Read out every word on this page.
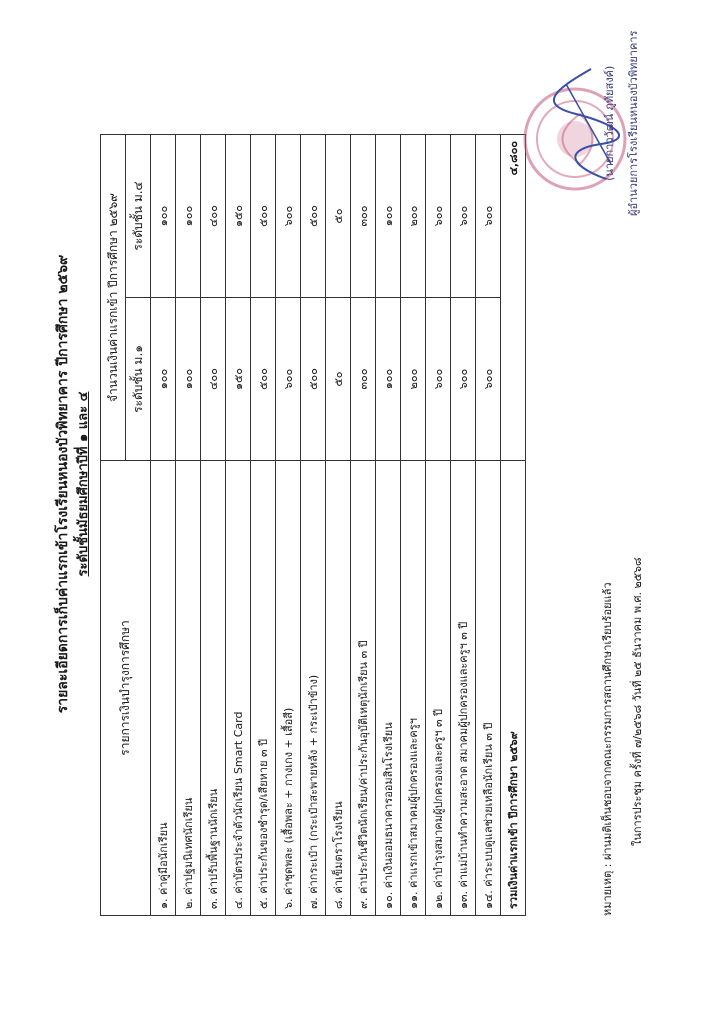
รายละเอียดการเก็บค่าแรกเข้าโรงเรียนหนองบัวพิทยาคาร ปีการศึกษา ๒๕๖๙ ระดับชั้นมัธยมศึกษาปีที่ ๑ และ ๔
รายการเงินบำรุงการศึกษา	จำนวนเงินค่าแรกเข้า ปีการศึกษา ๒๕๖๙	
	ระดับชั้น ม.๑	ระดับชั้น ม.๔
๑. ค่าคู่มือนักเรียน	๑๐๐	๑๐๐
๒. ค่าปฐมนิเทศนักเรียน	๑๐๐	๑๐๐
๓. ค่าปรับพื้นฐานนักเรียน	๔๐๐	๔๐๐
๔. ค่าบัตรประจำตัวนักเรียน Smart Card	๑๕๐	๑๕๐
๕. ค่าประกันของชำรุด/เสียหาย ๓ ปี	๕๐๐	๕๐๐
๖. ค่าชุดพละ (เสื้อพละ + กางเกง + เสื้อสี)	๖๐๐	๖๐๐
๗. ค่ากระเป๋า (กระเป๋าสะพายหลัง + กระเป๋าข้าง)	๕๐๐	๕๐๐
๘. ค่าเข็มตราโรงเรียน	๕๐	๕๐
๙. ค่าประกันชีวิตนักเรียน/ค่าประกันอุบัติเหตุนักเรียน ๓ ปี	๓๐๐	๓๐๐
๑๐. ค่าเงินออมธนาคารออมสินโรงเรียน	๑๐๐	๑๐๐
๑๑. ค่าแรกเข้าสมาคมผู้ปกครองและครูฯ	๒๐๐	๒๐๐
๑๒. ค่าบำรุงสมาคมผู้ปกครองและครูฯ ๓ ปี	๖๐๐	๖๐๐
๑๓. ค่าแม่บ้านทำความสะอาด สมาคมผู้ปกครองและครูฯ ๓ ปี	๖๐๐	๖๐๐
๑๔. ค่าระบบดูแลช่วยเหลือนักเรียน ๓ ปี	๖๐๐	๖๐๐
รวมเงินค่าแรกเข้า ปีการศึกษา ๒๕๖๙	๔,๘๐๐	
หมายเหตุ : ผ่านมติเห็นชอบจากคณะกรรมการสถานศึกษาเรียบร้อยแล้ว ในการประชุม ครั้งที่ ๗/๒๕๖๘ วันที่ ๒๕ ธันวาคม พ.ศ. ๒๕๖๘
(นายกาววัฒน์ ภูทัยสงค์) ผู้อำนวยการโรงเรียนหนองบัวพิทยาคาร
